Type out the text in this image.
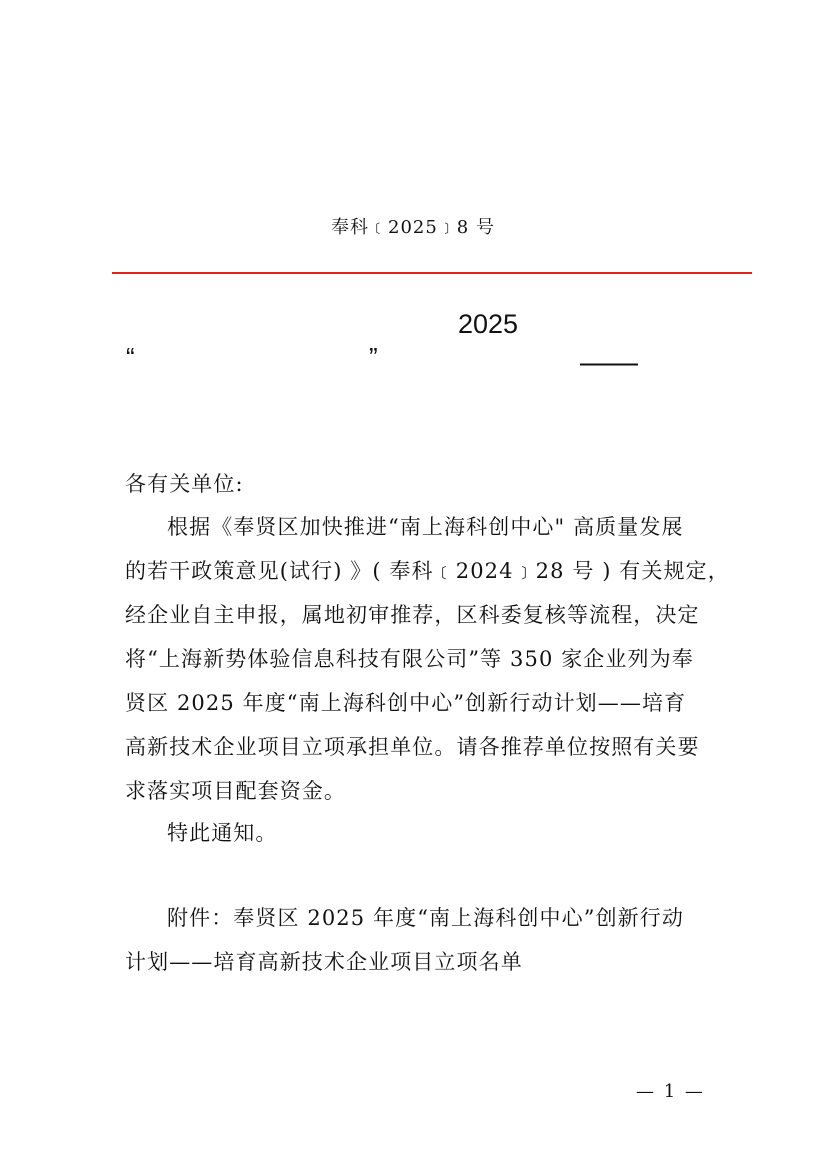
奉科﹝2025﹞8 号
2025
“	”	——
各有关单位:
根据《奉贤区加快推进“南上海科创中心" 高质量发展
的若干政策意见(试行) 》( 奉科﹝2024﹞28 号 ) 有关规定，
经企业自主申报，属地初审推荐，区科委复核等流程，决定
将“上海新势体验信息科技有限公司”等 350 家企业列为奉
贤区 2025 年度“南上海科创中心”创新行动计划——培育
高新技术企业项目立项承担单位。请各推荐单位按照有关要
求落实项目配套资金。
特此通知。
附件：奉贤区 2025 年度“南上海科创中心”创新行动
计划——培育高新技术企业项目立项名单
— 1 —
